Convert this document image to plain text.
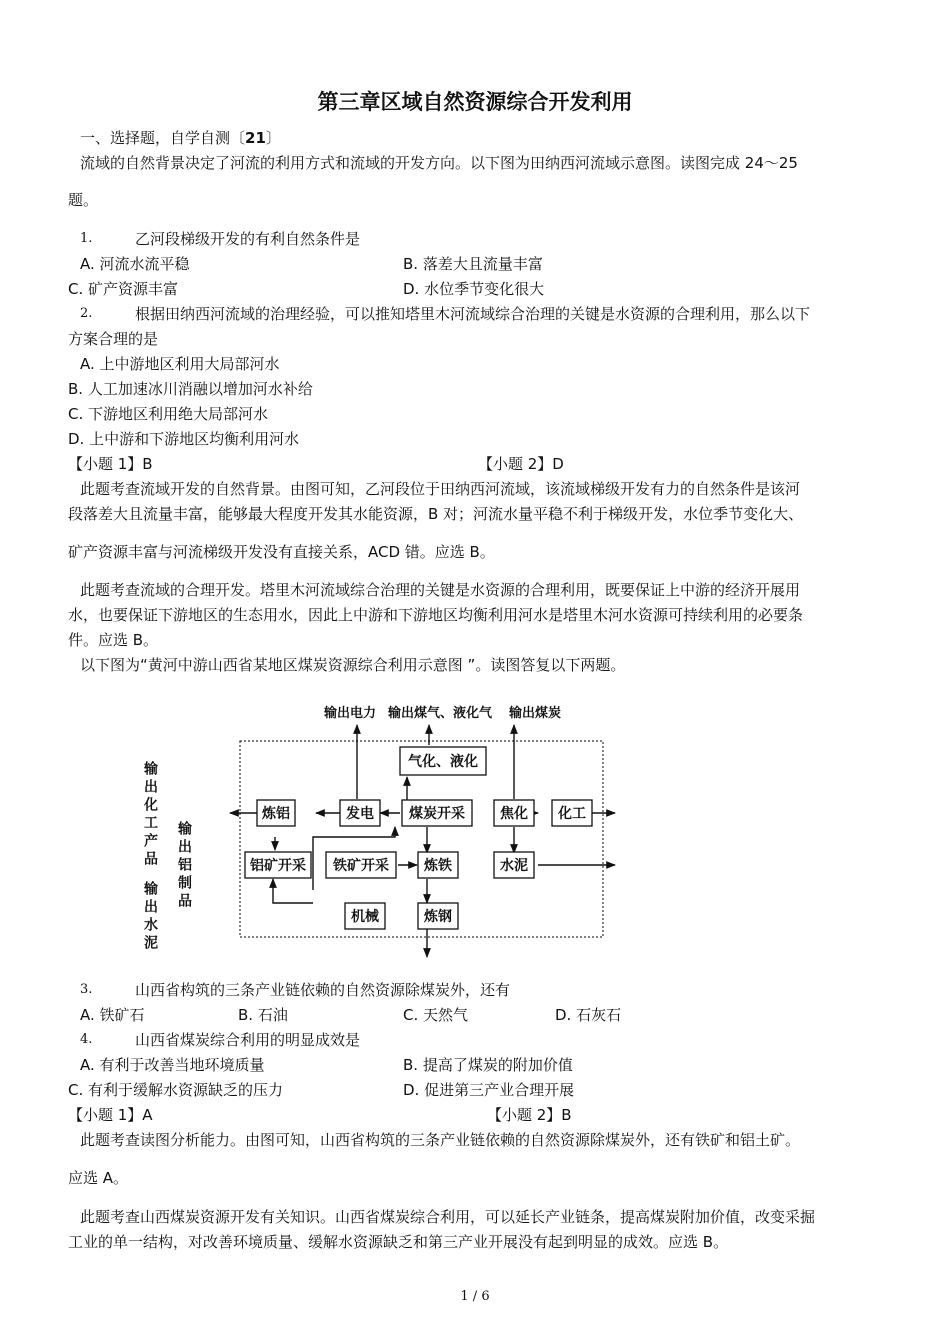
第三章区域自然资源综合开发利用
一、选择题，自学自测〔21〕
流域的自然背景决定了河流的利用方式和流域的开发方向。以下图为田纳西河流域示意图。读图完成 24～25
题。
1.	乙河段梯级开发的有利自然条件是
A. 河流水流平稳	B. 落差大且流量丰富
C. 矿产资源丰富	D. 水位季节变化很大
2.	根据田纳西河流域的治理经验，可以推知塔里木河流域综合治理的关键是水资源的合理利用，那么以下
方案合理的是
A. 上中游地区利用大局部河水
B. 人工加速冰川消融以增加河水补给
C. 下游地区利用绝大局部河水
D. 上中游和下游地区均衡利用河水
【小题 1】B	【小题 2】D
此题考查流域开发的自然背景。由图可知，乙河段位于田纳西河流域，该流域梯级开发有力的自然条件是该河
段落差大且流量丰富，能够最大程度开发其水能资源，B 对；河流水量平稳不利于梯级开发，水位季节变化大、
矿产资源丰富与河流梯级开发没有直接关系，ACD 错。应选 B。
此题考查流域的合理开发。塔里木河流域综合治理的关键是水资源的合理利用，既要保证上中游的经济开展用
水，也要保证下游地区的生态用水，因此上中游和下游地区均衡利用河水是塔里木河水资源可持续利用的必要条
件。应选 B。
以下图为“黄河中游山西省某地区煤炭资源综合利用示意图 ”。读图答复以下两题。
输出电力 输出煤气、液化气 输出煤炭
输出化工产品 输出铝制品
输出水泥
气化、液化
炼铝	发电	煤炭开采	焦化 化工
铝矿开采 铁矿开采	炼铁	水泥
机械	炼钢
3.	山西省构筑的三条产业链依赖的自然资源除煤炭外，还有
A. 铁矿石	B. 石油	C. 天然气	D. 石灰石
4.	山西省煤炭综合利用的明显成效是
A. 有利于改善当地环境质量	B. 提高了煤炭的附加价值
C. 有利于缓解水资源缺乏的压力	D. 促进第三产业合理开展
【小题 1】A	【小题 2】B
此题考查读图分析能力。由图可知，山西省构筑的三条产业链依赖的自然资源除煤炭外，还有铁矿和铝土矿。
应选 A。
此题考查山西煤炭资源开发有关知识。山西省煤炭综合利用，可以延长产业链条，提高煤炭附加价值，改变采掘
工业的单一结构，对改善环境质量、缓解水资源缺乏和第三产业开展没有起到明显的成效。应选 B。
1 / 6
